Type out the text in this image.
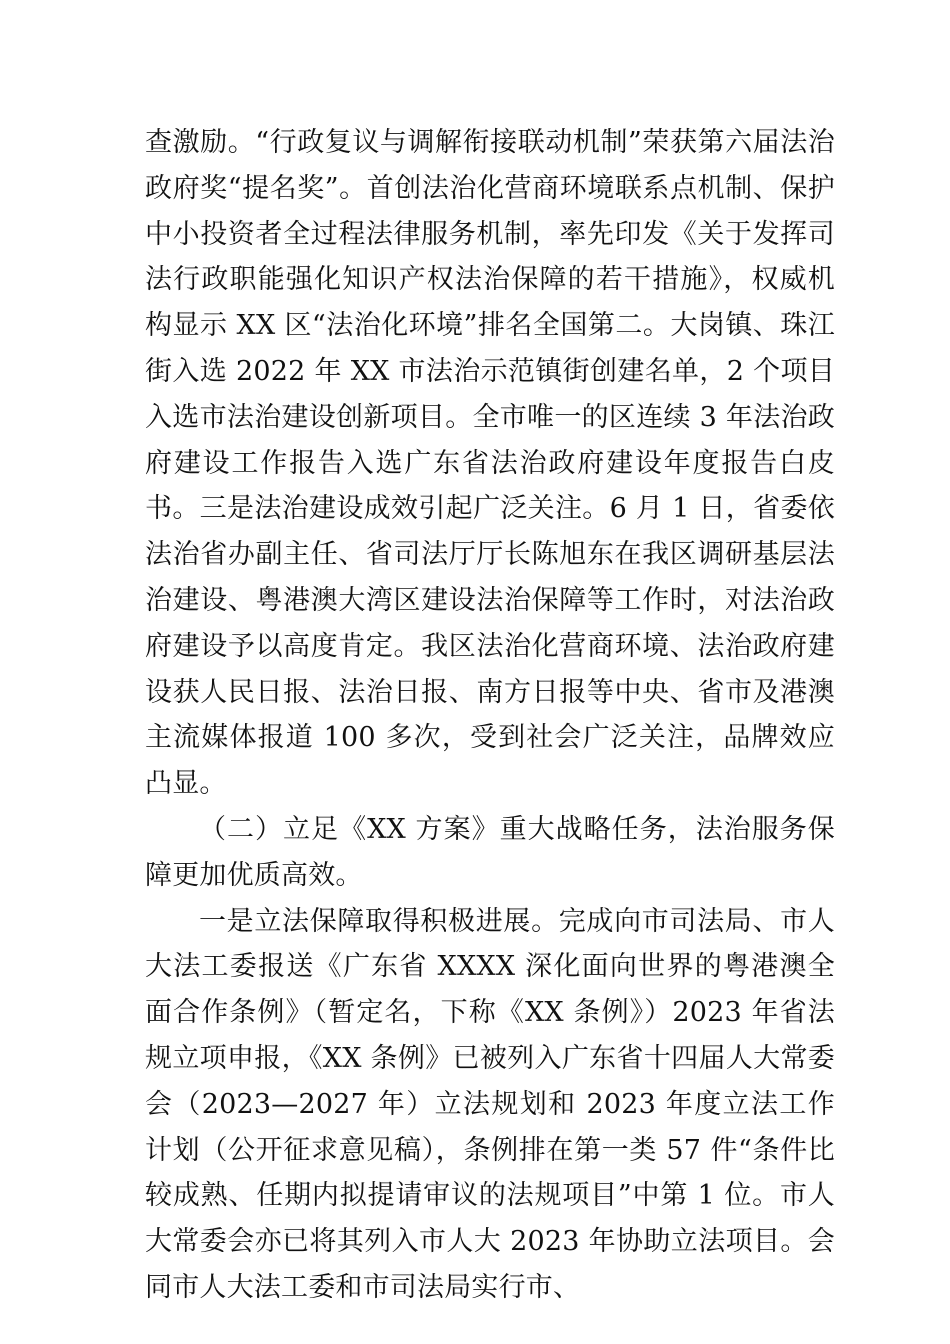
查激励。“行政复议与调解衔接联动机制”荣获第六届法治政府奖“提名奖”。首创法治化营商环境联系点机制、保护中小投资者全过程法律服务机制，率先印发《关于发挥司法行政职能强化知识产权法治保障的若干措施》，权威机构显示 XX 区“法治化环境”排名全国第二。大岗镇、珠江街入选 2022 年 XX 市法治示范镇街创建名单，2 个项目入选市法治建设创新项目。全市唯一的区连续 3 年法治政府建设工作报告入选广东省法治政府建设年度报告白皮书。三是法治建设成效引起广泛关注。6 月 1 日，省委依法治省办副主任、省司法厅厅长陈旭东在我区调研基层法治建设、粤港澳大湾区建设法治保障等工作时，对法治政府建设予以高度肯定。我区法治化营商环境、法治政府建设获人民日报、法治日报、南方日报等中央、省市及港澳主流媒体报道 100 多次，受到社会广泛关注，品牌效应凸显。

（二）立足《XX 方案》重大战略任务，法治服务保障更加优质高效。

一是立法保障取得积极进展。完成向市司法局、市人大法工委报送《广东省 XXXX 深化面向世界的粤港澳全面合作条例》（暂定名，下称《XX 条例》）2023 年省法规立项申报，《XX 条例》已被列入广东省十四届人大常委会（2023—2027 年）立法规划和 2023 年度立法工作计划（公开征求意见稿），条例排在第一类 57 件“条件比较成熟、任期内拟提请审议的法规项目”中第 1 位。市人大常委会亦已将其列入市人大 2023 年协助立法项目。会同市人大法工委和市司法局实行市、
